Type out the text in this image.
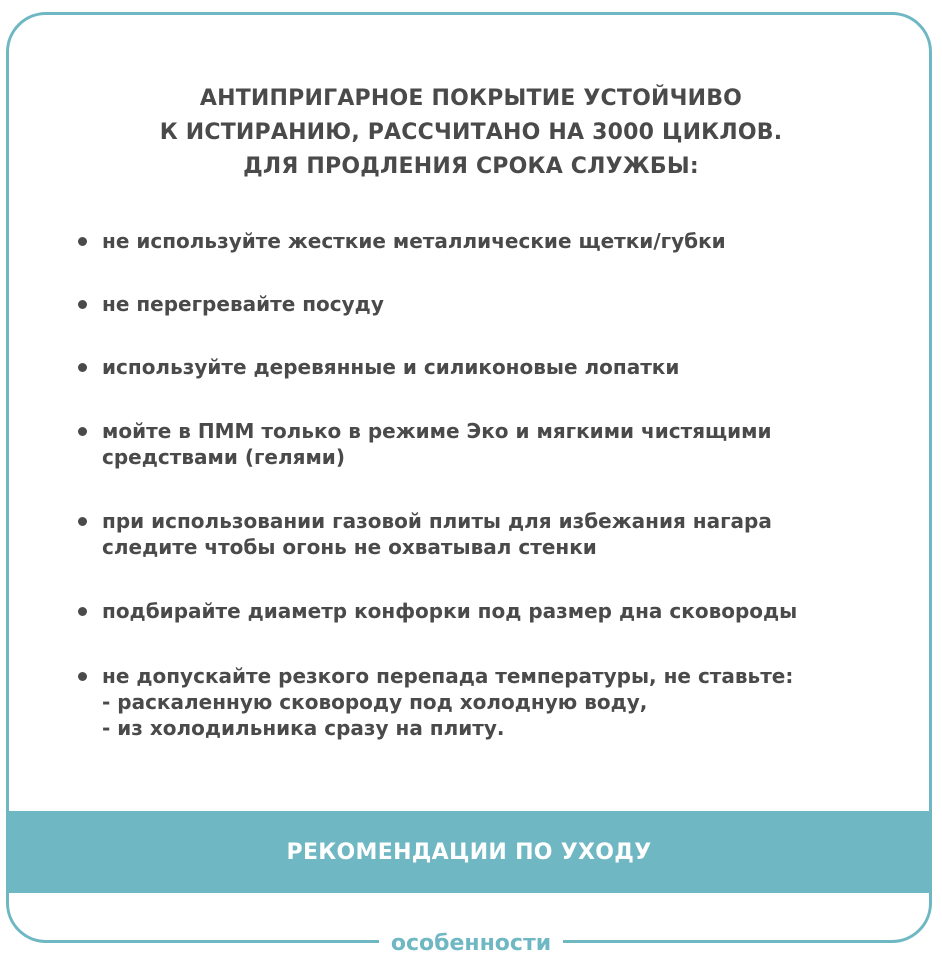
АНТИПРИГАРНОЕ ПОКРЫТИЕ УСТОЙЧИВО
К ИСТИРАНИЮ, РАССЧИТАНО НА 3000 ЦИКЛОВ.
ДЛЯ ПРОДЛЕНИЯ СРОКА СЛУЖБЫ:
не используйте жесткие металлические щетки/губки
не перегревайте посуду
используйте деревянные и силиконовые лопатки
мойте в ПММ только в режиме Эко и мягкими чистящими
средствами (гелями)
при использовании газовой плиты для избежания нагара
следите чтобы огонь не охватывал стенки
подбирайте диаметр конфорки под размер дна сковороды
не допускайте резкого перепада температуры, не ставьте:
- раскаленную сковороду под холодную воду,
- из холодильника сразу на плиту.
РЕКОМЕНДАЦИИ ПО УХОДУ
особенности
